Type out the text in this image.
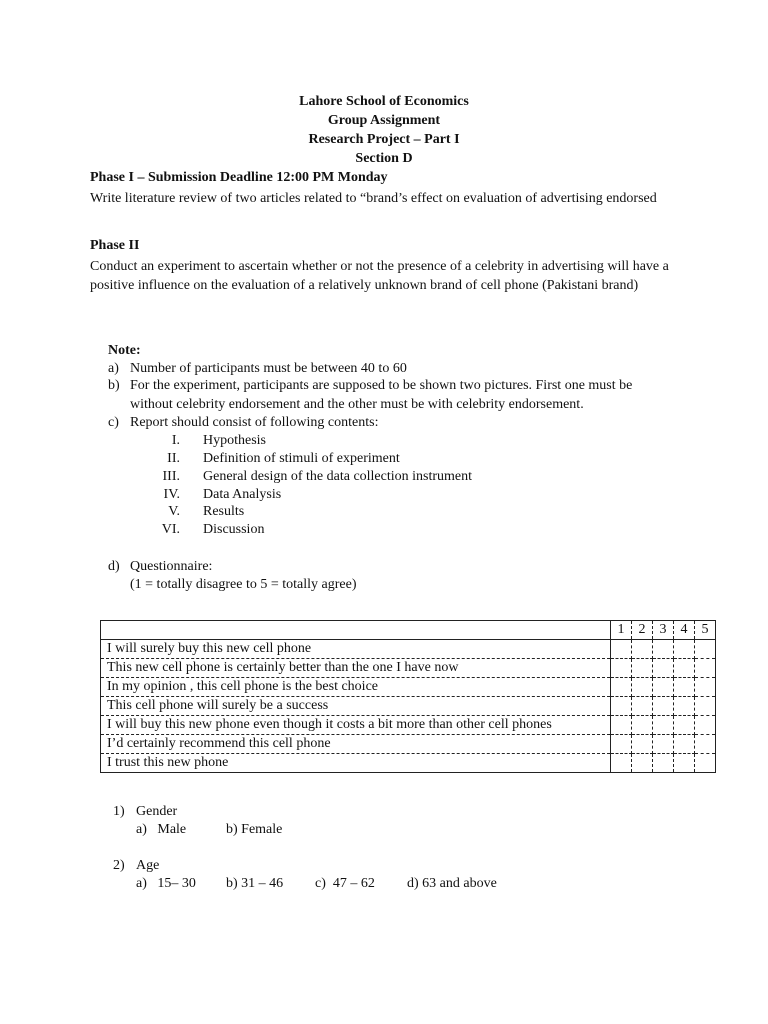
Lahore School of Economics
Group Assignment
Research Project – Part I
Section D
Phase I – Submission Deadline 12:00 PM Monday
Write literature review of two articles related to “brand’s effect on evaluation of advertising endorsed
Phase II
Conduct an experiment to ascertain whether or not the presence of a celebrity in advertising will have a positive influence on the evaluation of a relatively unknown brand of cell phone (Pakistani brand)
Note:
a) Number of participants must be between 40 to 60
b) For the experiment, participants are supposed to be shown two pictures. First one must be
without celebrity endorsement and the other must be with celebrity endorsement.
c) Report should consist of following contents:
I. Hypothesis
II. Definition of stimuli of experiment
III. General design of the data collection instrument
IV. Data Analysis
V. Results
VI. Discussion
d) Questionnaire:
(1 = totally disagree to 5 = totally agree)
	1	2	3	4	5
I will surely buy this new cell phone					
This new cell phone is certainly better than the one I have now					
In my opinion , this cell phone is the best choice					
This cell phone will surely be a success					
I will buy this new phone even though it costs a bit more than other cell phones					
I’d certainly recommend this cell phone					
I trust this new phone					
1) Gender
a)   Male	b) Female
2) Age
a)   15– 30 b) 31 – 46 c)  47 – 62 d) 63 and above
